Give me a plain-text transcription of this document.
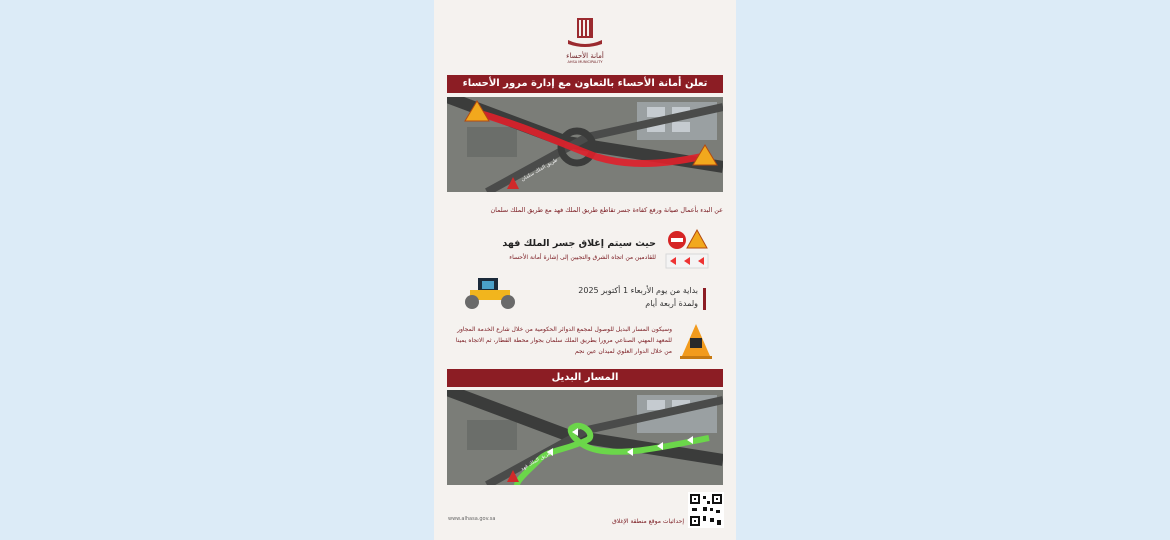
أمانة الأحساء
AHSA MUNICIPALITY
تعلن أمانة الأحساء بالتعاون مع إدارة مرور الأحساء
طريق الملك سلمان
عن البدء بأعمال صيانة ورفع كفاءة جسر تقاطع طريق الملك فهد مع طريق الملك سلمان
حيث سيتم إغلاق جسر الملك فهد
للقادمين من اتجاه الشرق والتجيين إلى إشارة أمانة الأحساء
بداية من يوم الأربعاء 1 أكتوبر 2025
ولمدة أربعة أيام
وسيكون المسار البديل للوصول لمجمع الدوائر الحكومية من خلال شارع الخدمة المجاور للمعهد المهني الصناعي مرورا بطريق الملك سلمان بجوار محطة القطار، ثم الاتجاه يمينا من خلال الدوار العلوي لميدان عين نجم
المسار البديل
طريق الملك فهد
www.alhasa.gov.sa	إحداثيات موقع منطقة الإغلاق
